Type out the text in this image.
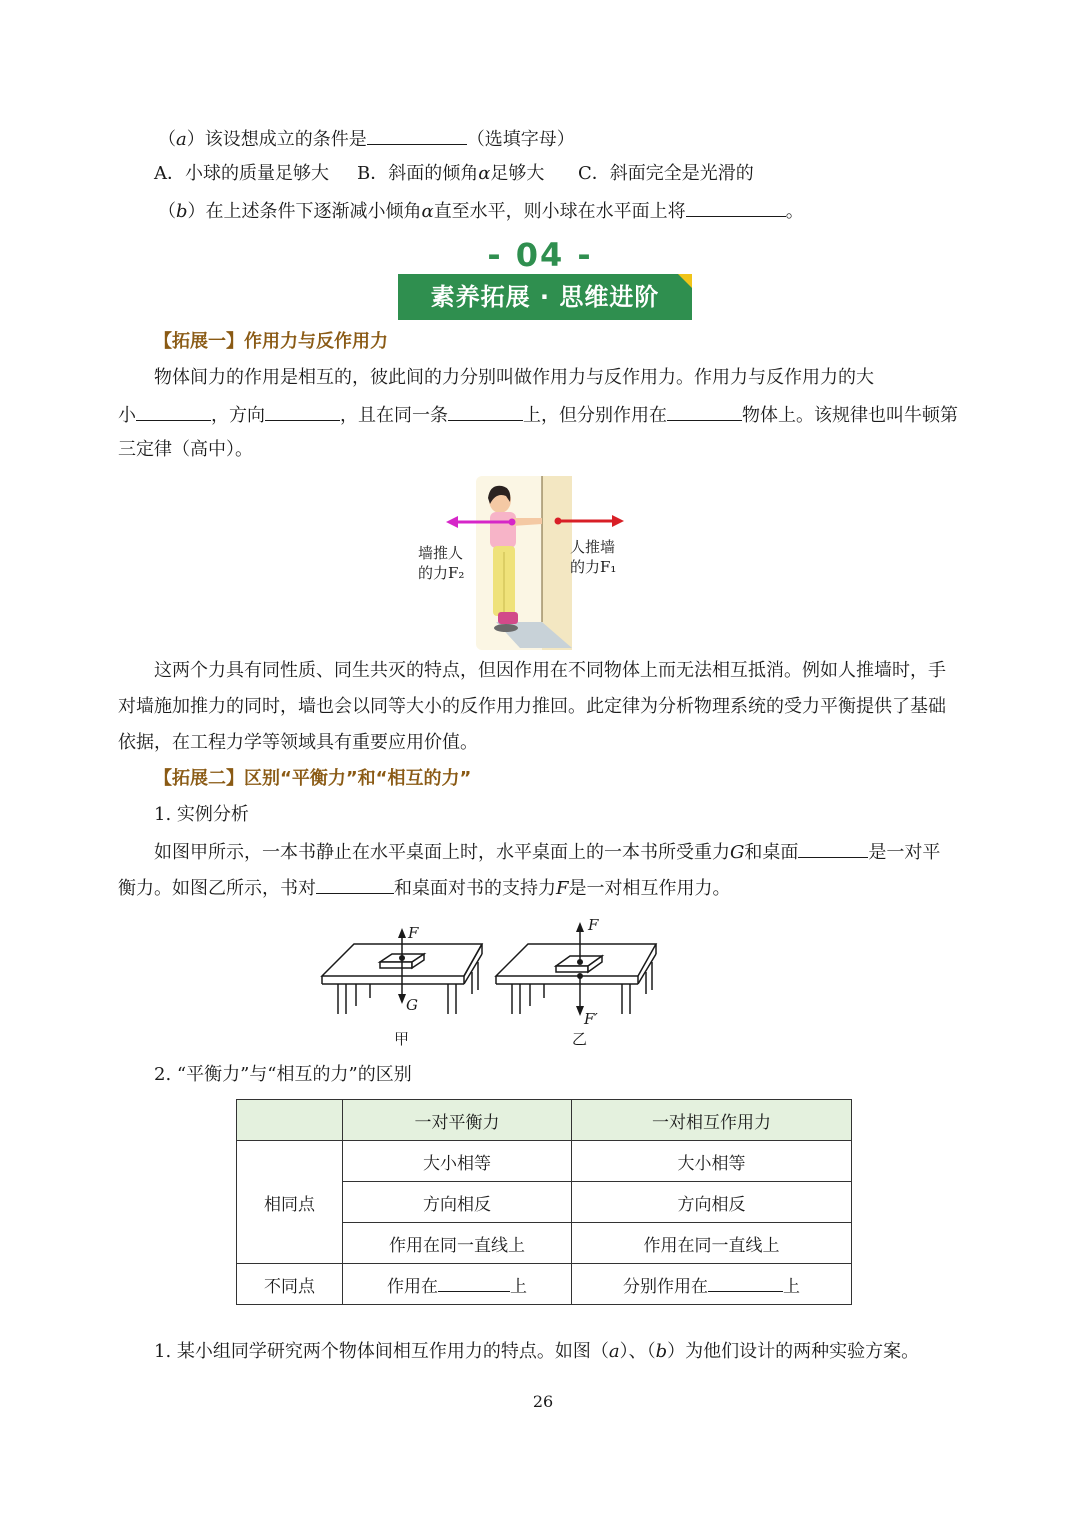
（a）该设想成立的条件是	（选填字母）
A．小球的质量足够大 B．斜面的倾角α足够大 C．斜面完全是光滑的
（b）在上述条件下逐渐减小倾角α直至水平，则小球在水平面上将	。
- 04 -
素养拓展 · 思维进阶
【拓展一】作用力与反作用力
物体间力的作用是相互的，彼此间的力分别叫做作用力与反作用力。作用力与反作用力的大
小	，方向	，且在同一条	上，但分别作用在	物体上。该规律也叫牛顿第
三定律（高中）。
墙推人
的力F₂
人推墙
的力F₁
这两个力具有同性质、同生共灭的特点，但因作用在不同物体上而无法相互抵消。例如人推墙时，手
对墙施加推力的同时，墙也会以同等大小的反作用力推回。此定律为分析物理系统的受力平衡提供了基础
依据，在工程力学等领域具有重要应用价值。
【拓展二】区别“平衡力”和“相互的力”
1. 实例分析
如图甲所示，一本书静止在水平桌面上时，水平桌面上的一本书所受重力G和桌面	是一对平
衡力。如图乙所示，书对	和桌面对书的支持力F是一对相互作用力。
F
G
F
F′
甲	乙
2. “平衡力”与“相互的力”的区别
	一对平衡力	一对相互作用力
相同点	大小相等	大小相等
	方向相反	方向相反
	作用在同一直线上	作用在同一直线上
不同点	作用在 上	分别作用在 上
1. 某小组同学研究两个物体间相互作用力的特点。如图（a）、（b）为他们设计的两种实验方案。
26
